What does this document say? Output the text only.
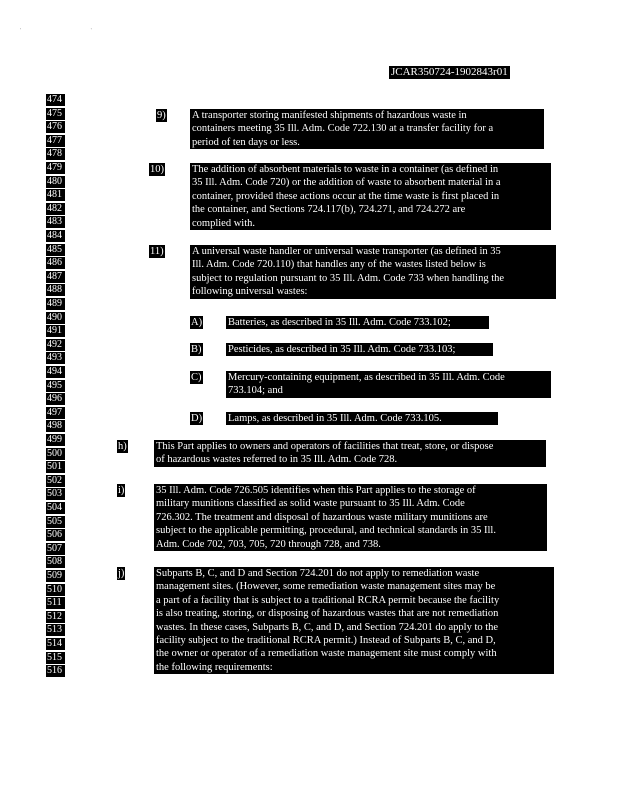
' '
JCAR350724-1902843r01
474
475
476
477
478
479
480
481
482
483
484
485
486
487
488
489
490
491
492
493
494
495
496
497
498
499
500
501
502
503
504
505
506
507
508
509
510
511
512
513
514
515
516
9)	A transporter storing manifested shipments of hazardous waste in
containers meeting 35 Ill. Adm. Code 722.130 at a transfer facility for a
period of ten days or less.
10)	The addition of absorbent materials to waste in a container (as defined in
35 Ill. Adm. Code 720) or the addition of waste to absorbent material in a
container, provided these actions occur at the time waste is first placed in
the container, and Sections 724.117(b), 724.271, and 724.272 are
complied with.
11)	A universal waste handler or universal waste transporter (as defined in 35
Ill. Adm. Code 720.110) that handles any of the wastes listed below is
subject to regulation pursuant to 35 Ill. Adm. Code 733 when handling the
following universal wastes:
A) Batteries, as described in 35 Ill. Adm. Code 733.102;
B)	Pesticides, as described in 35 Ill. Adm. Code 733.103;
C)	Mercury-containing equipment, as described in 35 Ill. Adm. Code
733.104; and
D) Lamps, as described in 35 Ill. Adm. Code 733.105.
h)	This Part applies to owners and operators of facilities that treat, store, or dispose
of hazardous wastes referred to in 35 Ill. Adm. Code 728.
i)	35 Ill. Adm. Code 726.505 identifies when this Part applies to the storage of
military munitions classified as solid waste pursuant to 35 Ill. Adm. Code
726.302. The treatment and disposal of hazardous waste military munitions are
subject to the applicable permitting, procedural, and technical standards in 35 Ill.
Adm. Code 702, 703, 705, 720 through 728, and 738.
j)	Subparts B, C, and D and Section 724.201 do not apply to remediation waste
management sites. (However, some remediation waste management sites may be
a part of a facility that is subject to a traditional RCRA permit because the facility
is also treating, storing, or disposing of hazardous wastes that are not remediation
wastes. In these cases, Subparts B, C, and D, and Section 724.201 do apply to the
facility subject to the traditional RCRA permit.) Instead of Subparts B, C, and D,
the owner or operator of a remediation waste management site must comply with
the following requirements:
